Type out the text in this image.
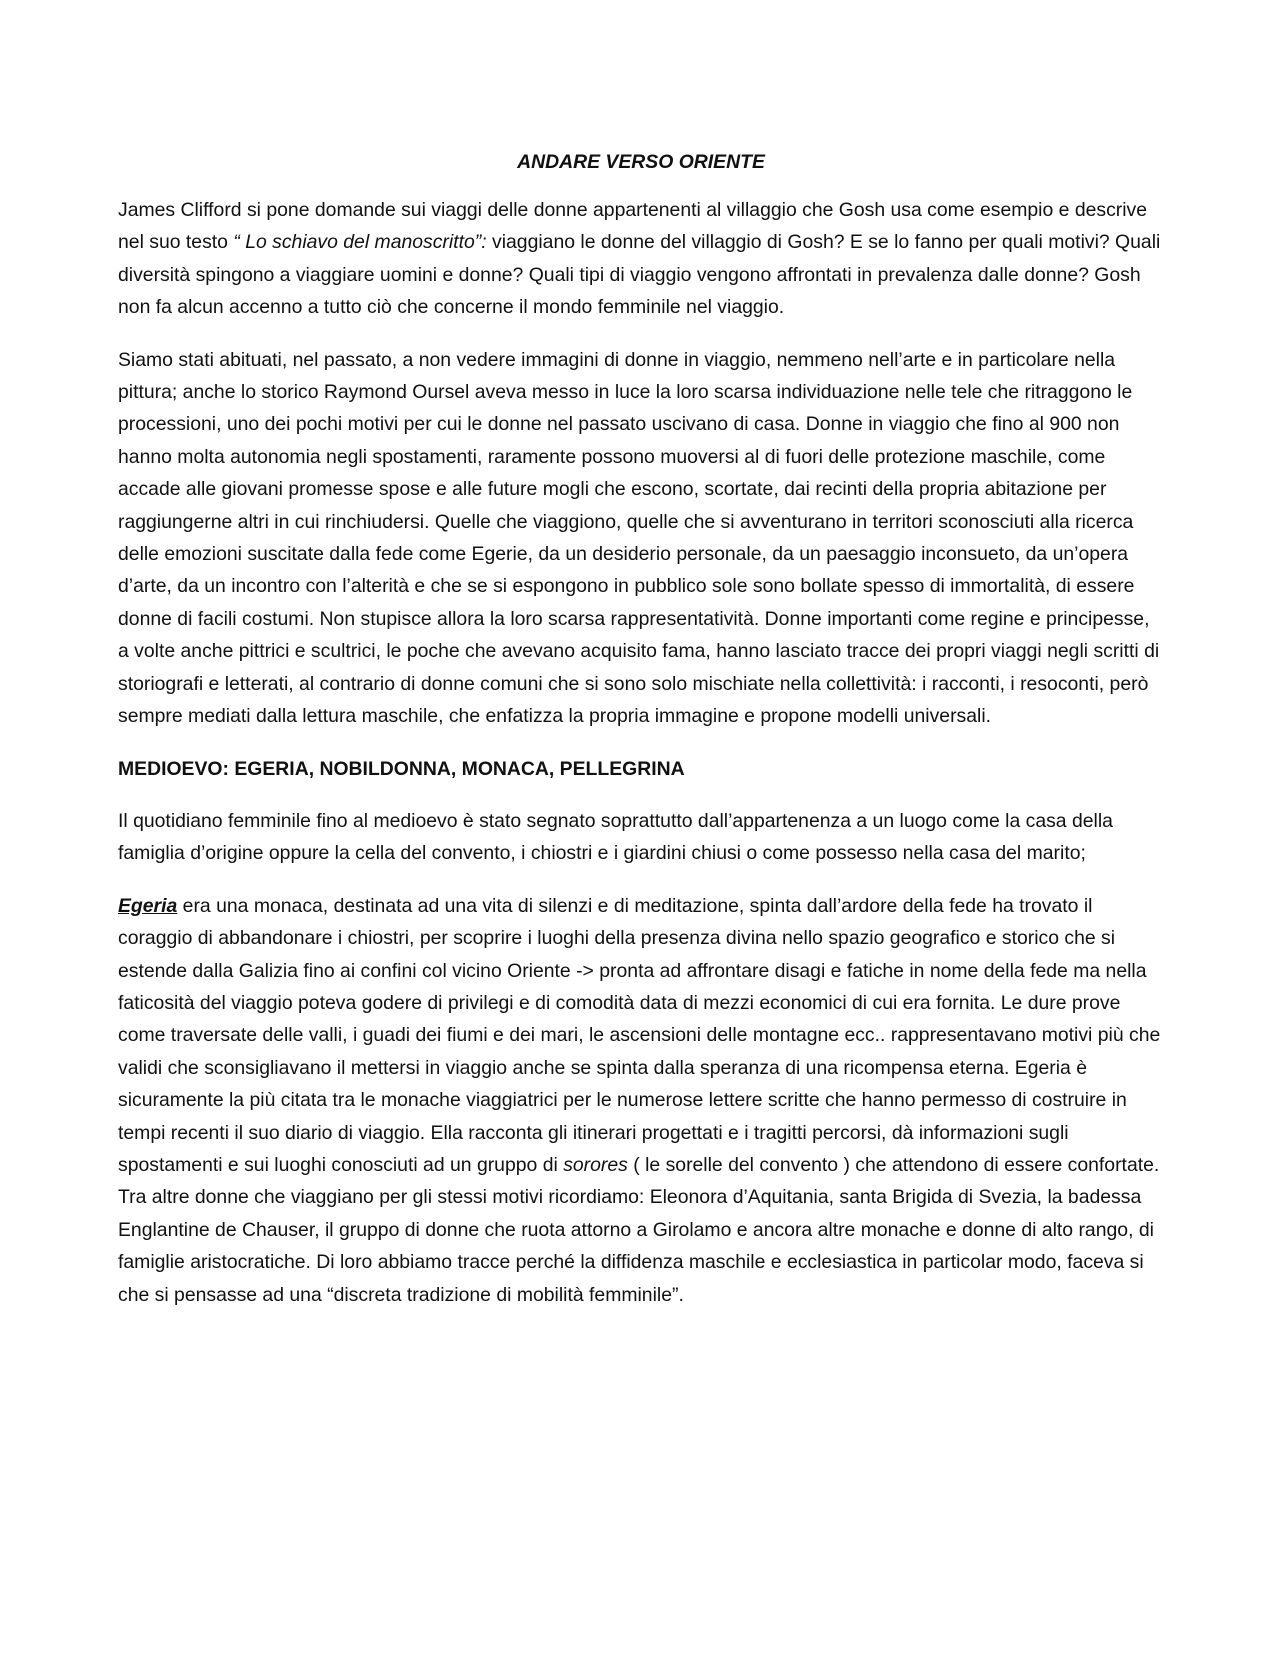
ANDARE VERSO ORIENTE

James Clifford si pone domande sui viaggi delle donne appartenenti al villaggio che Gosh usa come esempio e descrive nel suo testo “ Lo schiavo del manoscritto”: viaggiano le donne del villaggio di Gosh? E se lo fanno per quali motivi? Quali diversità spingono a viaggiare uomini e donne? Quali tipi di viaggio vengono affrontati in prevalenza dalle donne? Gosh non fa alcun accenno a tutto ciò che concerne il mondo femminile nel viaggio.

Siamo stati abituati, nel passato, a non vedere immagini di donne in viaggio, nemmeno nell’arte e in particolare nella pittura; anche lo storico Raymond Oursel aveva messo in luce la loro scarsa individuazione nelle tele che ritraggono le processioni, uno dei pochi motivi per cui le donne nel passato uscivano di casa. Donne in viaggio che fino al 900 non hanno molta autonomia negli spostamenti, raramente possono muoversi al di fuori delle protezione maschile, come accade alle giovani promesse spose e alle future mogli che escono, scortate, dai recinti della propria abitazione per raggiungerne altri in cui rinchiudersi. Quelle che viaggiono, quelle che si avventurano in territori sconosciuti alla ricerca delle emozioni suscitate dalla fede come Egerie, da un desiderio personale, da un paesaggio inconsueto, da un’opera d’arte, da un incontro con l’alterità e che se si espongono in pubblico sole sono bollate spesso di immortalità, di essere donne di facili costumi. Non stupisce allora la loro scarsa rappresentatività. Donne importanti come regine e principesse, a volte anche pittrici e scultrici, le poche che avevano acquisito fama, hanno lasciato tracce dei propri viaggi negli scritti di storiografi e letterati, al contrario di donne comuni che si sono solo mischiate nella collettività: i racconti, i resoconti, però sempre mediati dalla lettura maschile, che enfatizza la propria immagine e propone modelli universali.

MEDIOEVO: EGERIA, NOBILDONNA, MONACA, PELLEGRINA

Il quotidiano femminile fino al medioevo è stato segnato soprattutto dall’appartenenza a un luogo come la casa della famiglia d’origine oppure la cella del convento, i chiostri e i giardini chiusi o come possesso nella casa del marito;

Egeria era una monaca, destinata ad una vita di silenzi e di meditazione, spinta dall’ardore della fede ha trovato il coraggio di abbandonare i chiostri, per scoprire i luoghi della presenza divina nello spazio geografico e storico che si estende dalla Galizia fino ai confini col vicino Oriente -> pronta ad affrontare disagi e fatiche in nome della fede ma nella faticosità del viaggio poteva godere di privilegi e di comodità data di mezzi economici di cui era fornita. Le dure prove come traversate delle valli, i guadi dei fiumi e dei mari, le ascensioni delle montagne ecc.. rappresentavano motivi più che validi che sconsigliavano il mettersi in viaggio anche se spinta dalla speranza di una ricompensa eterna. Egeria è sicuramente la più citata tra le monache viaggiatrici per le numerose lettere scritte che hanno permesso di costruire in tempi recenti il suo diario di viaggio. Ella racconta gli itinerari progettati e i tragitti percorsi, dà informazioni sugli spostamenti e sui luoghi conosciuti ad un gruppo di sorores ( le sorelle del convento ) che attendono di essere confortate. Tra altre donne che viaggiano per gli stessi motivi ricordiamo: Eleonora d’Aquitania, santa Brigida di Svezia, la badessa Englantine de Chauser, il gruppo di donne che ruota attorno a Girolamo e ancora altre monache e donne di alto rango, di famiglie aristocratiche. Di loro abbiamo tracce perché la diffidenza maschile e ecclesiastica in particolar modo, faceva si che si pensasse ad una “discreta tradizione di mobilità femminile”.
